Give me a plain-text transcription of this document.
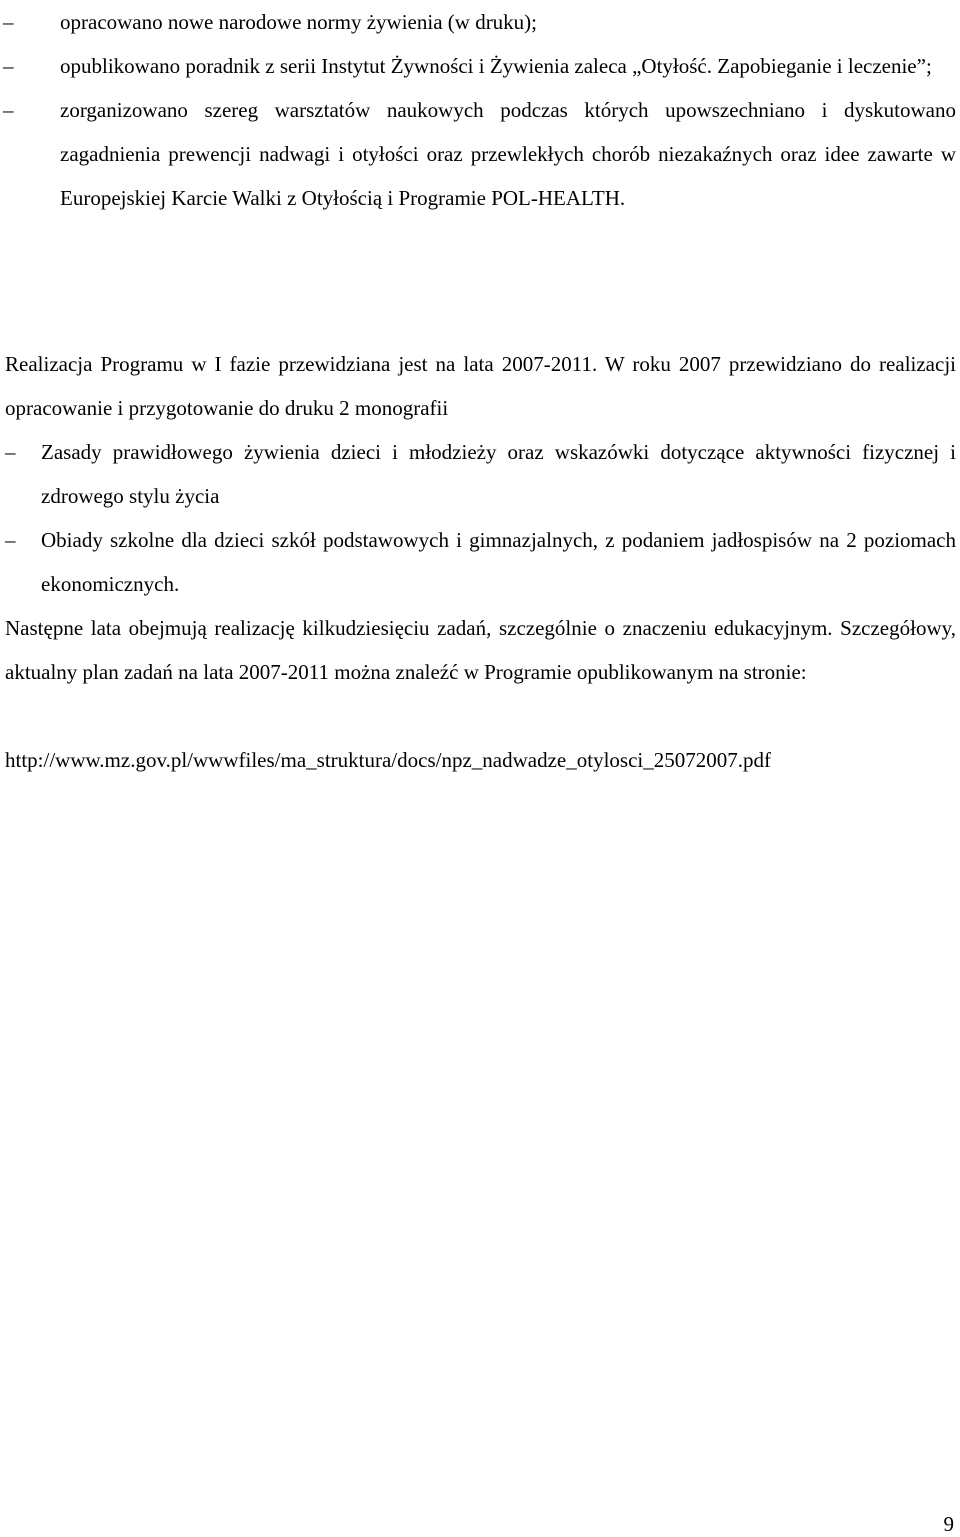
–	opracowano nowe narodowe normy żywienia (w druku);
–	opublikowano poradnik z serii Instytut Żywności i Żywienia zaleca „Otyłość. Zapobieganie i leczenie”;
–	zorganizowano szereg warsztatów naukowych podczas których upowszechniano i dyskutowano zagadnienia prewencji nadwagi i otyłości oraz przewlekłych chorób niezakaźnych oraz idee zawarte w Europejskiej Karcie Walki z Otyłością i Programie POL-HEALTH.

Realizacja Programu w I fazie przewidziana jest na lata 2007-2011. W roku 2007 przewidziano do realizacji opracowanie i przygotowanie do druku 2 monografii

–	Zasady prawidłowego żywienia dzieci i młodzieży oraz wskazówki dotyczące aktywności fizycznej i zdrowego stylu życia
–	Obiady szkolne dla dzieci szkół podstawowych i gimnazjalnych, z podaniem jadłospisów na 2 poziomach ekonomicznych.

Następne lata obejmują realizację kilkudziesięciu zadań, szczególnie o znaczeniu edukacyjnym. Szczegółowy, aktualny plan zadań na lata 2007-2011 można znaleźć w Programie opublikowanym na stronie:

http://www.mz.gov.pl/wwwfiles/ma_struktura/docs/npz_nadwadze_otylosci_25072007.pdf
9
